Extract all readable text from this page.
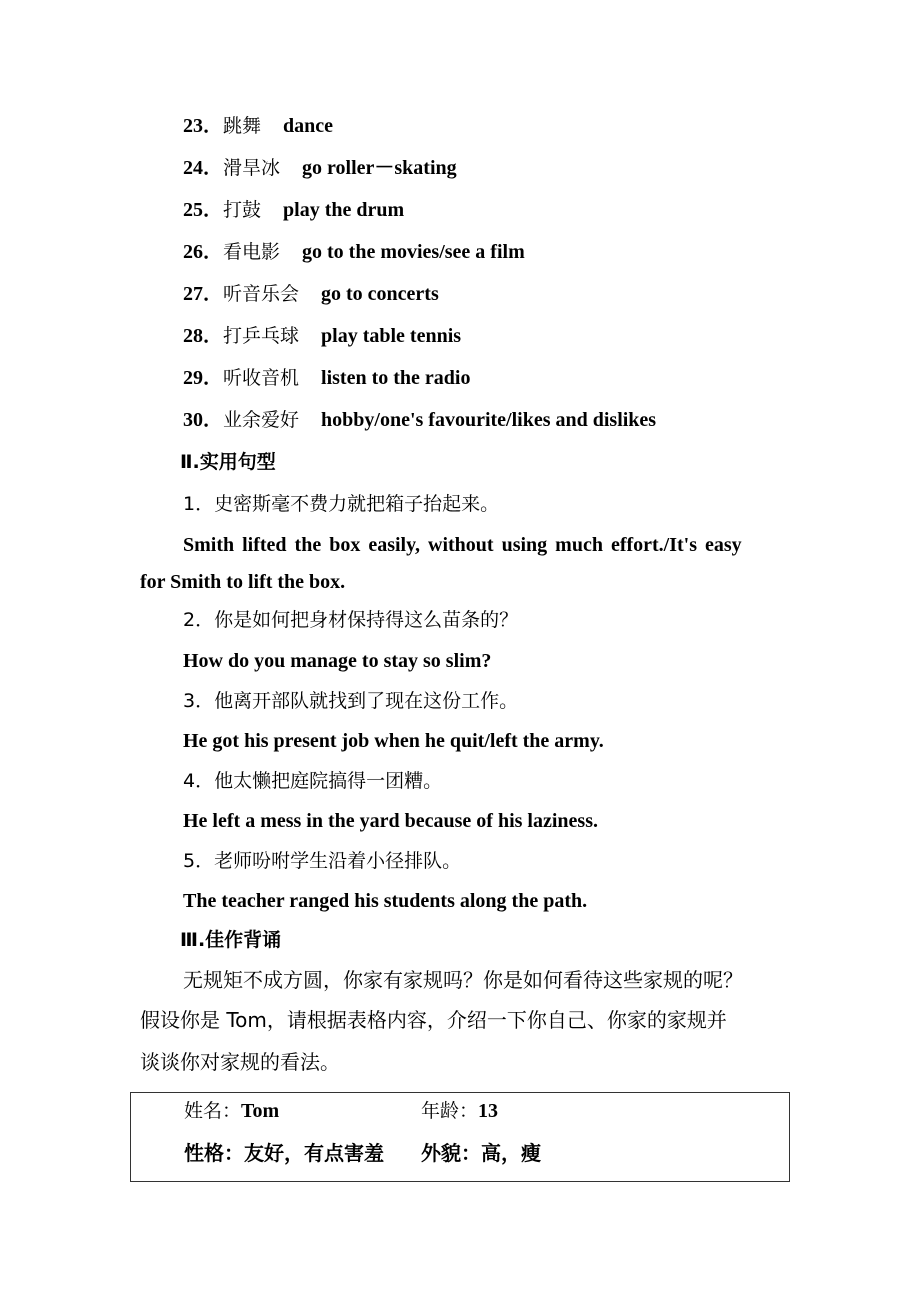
23．跳舞 dance
24．滑旱冰 go roller－skating
25．打鼓 play the drum
26．看电影 go to the movies/see a film
27．听音乐会 go to concerts
28．打乒乓球 play table tennis
29．听收音机 listen to the radio
30．业余爱好 hobby/one's favourite/likes and dislikes
Ⅱ.实用句型
1．史密斯毫不费力就把箱子抬起来。
Smith lifted the box easily, without using much effort./It's easy
for Smith to lift the box.
2．你是如何把身材保持得这么苗条的？
How do you manage to stay so slim?
3．他离开部队就找到了现在这份工作。
He got his present job when he quit/left the army.
4．他太懒把庭院搞得一团糟。
He left a mess in the yard because of his laziness.
5．老师吩咐学生沿着小径排队。
The teacher ranged his students along the path.
Ⅲ.佳作背诵
无规矩不成方圆，你家有家规吗？你是如何看待这些家规的呢？
假设你是 Tom，请根据表格内容，介绍一下你自己、你家的家规并
谈谈你对家规的看法。
姓名：Tom	年龄：13
性格：友好，有点害羞 外貌：高，瘦
